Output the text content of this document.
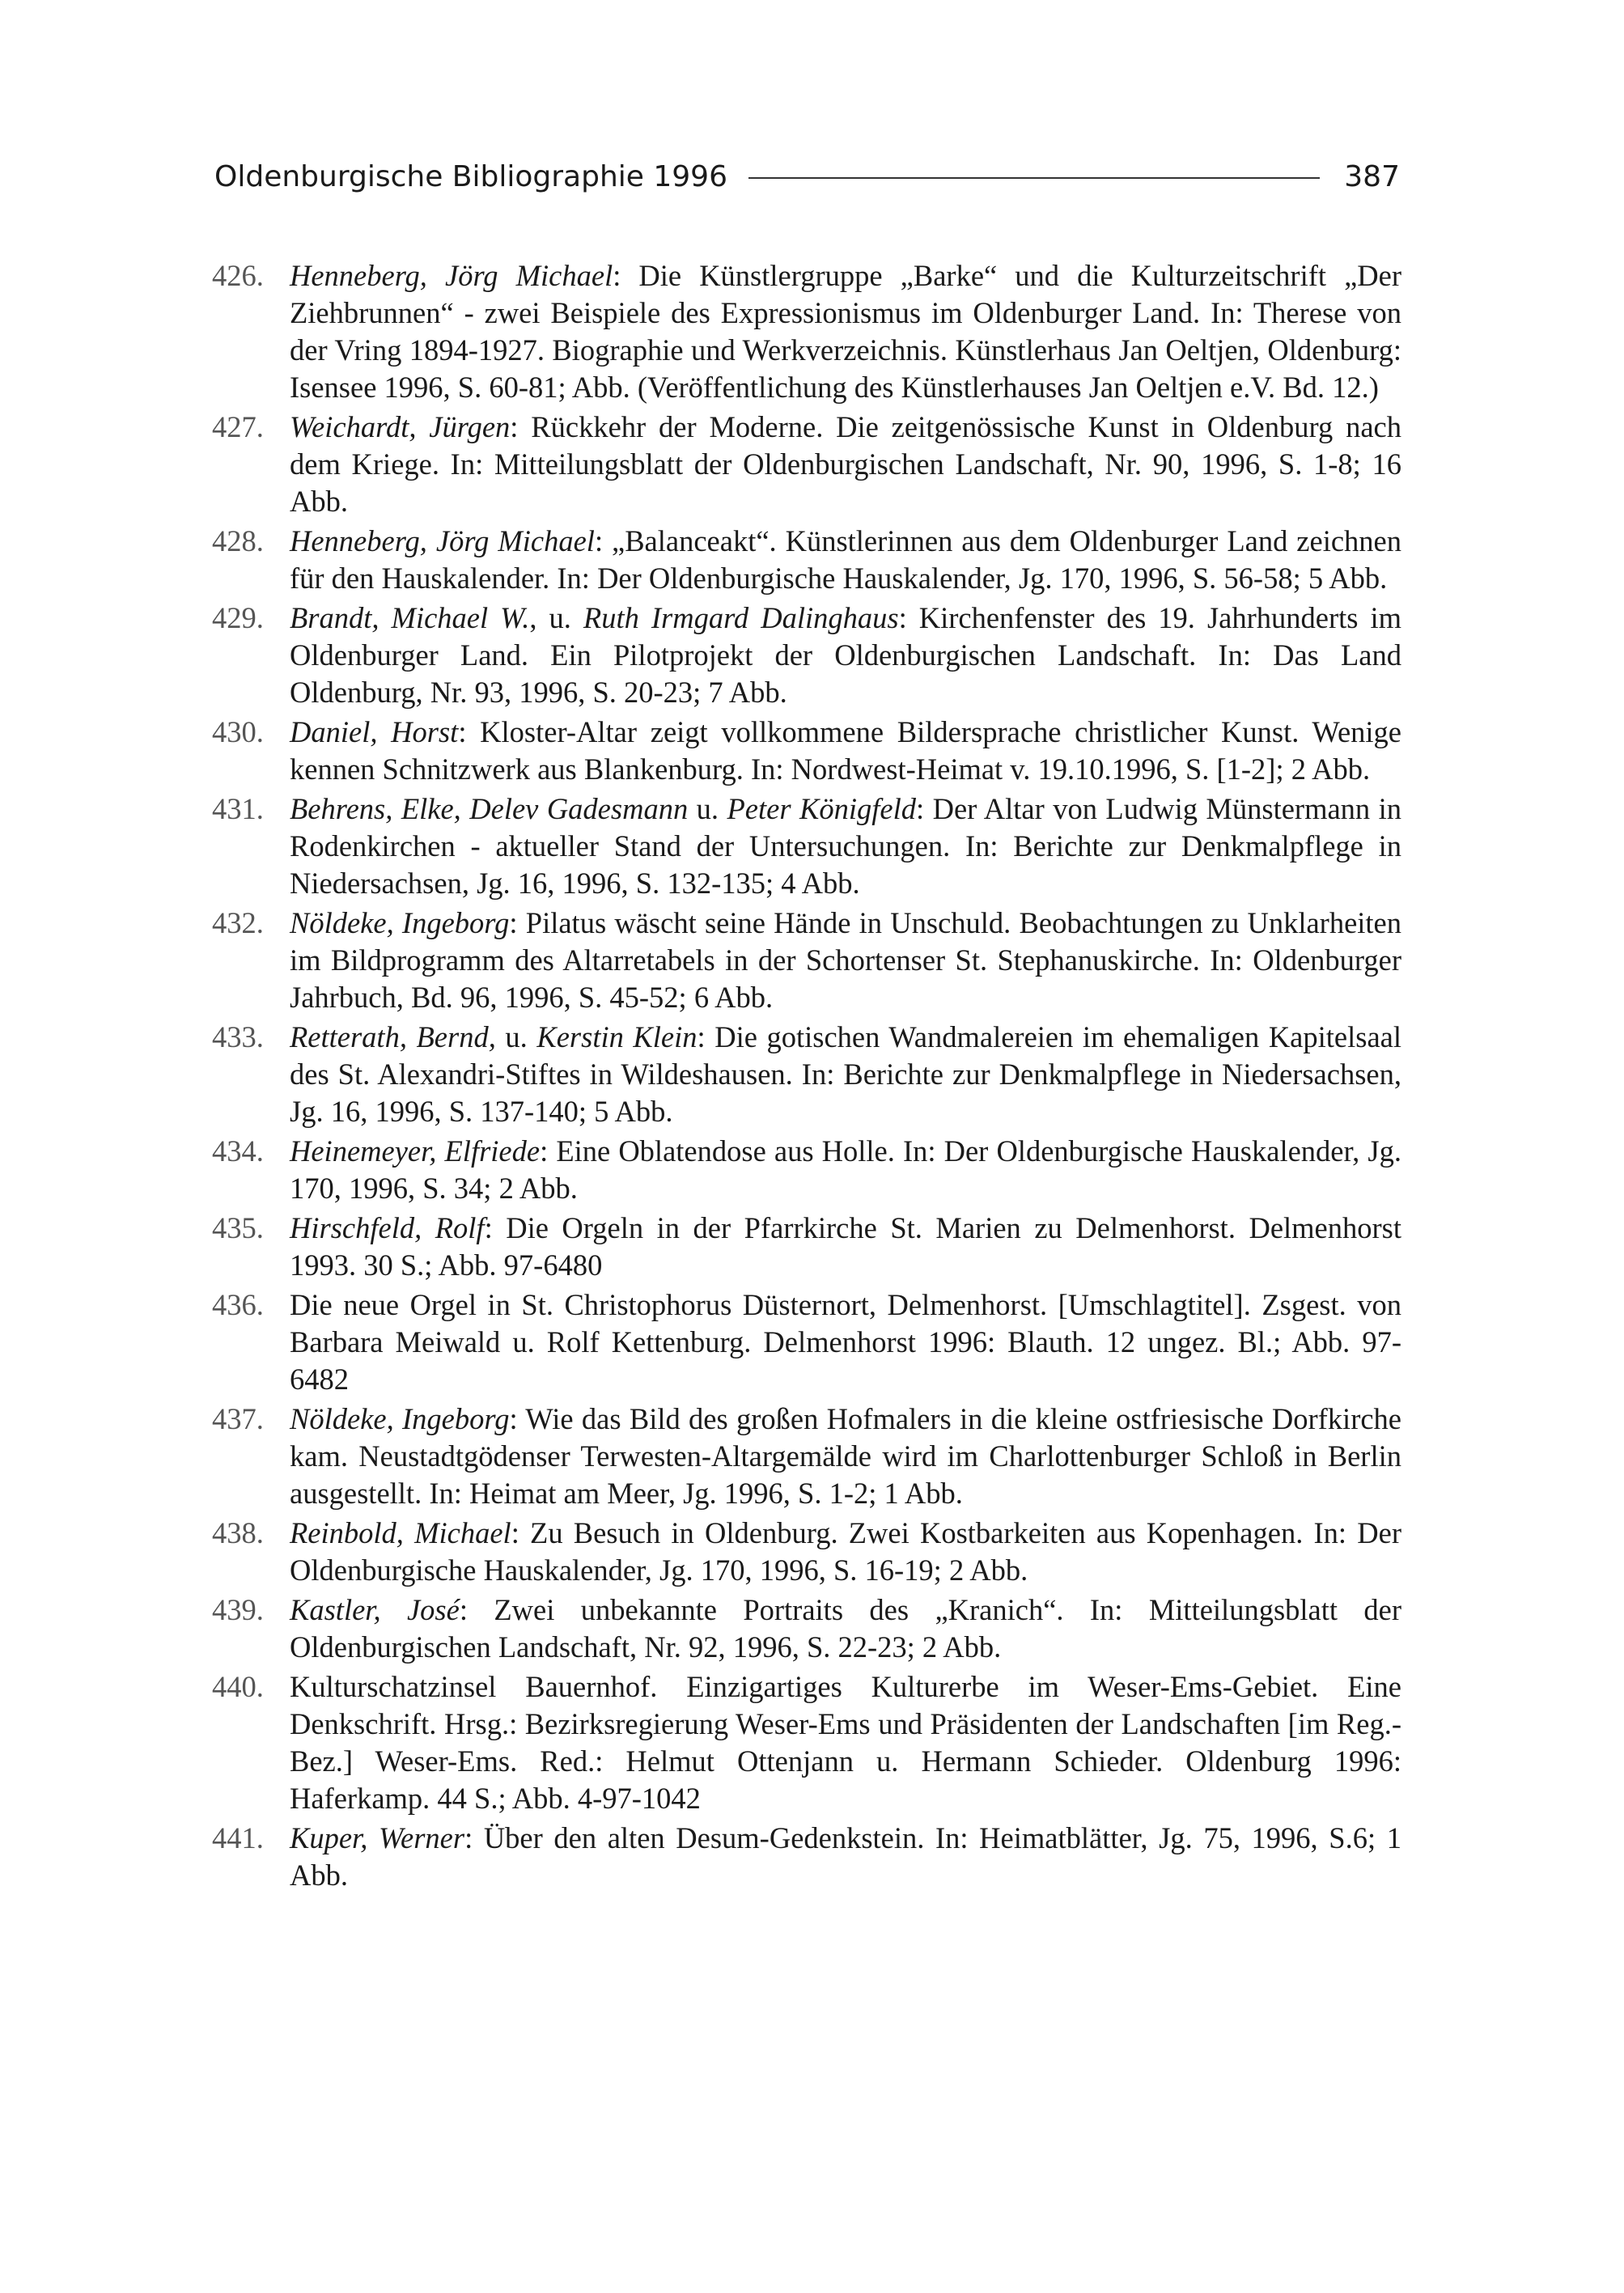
Oldenburgische Bibliographie 1996	387
426. Henneberg, Jörg Michael: Die Künstlergruppe „Barke“ und die Kulturzeitschrift „Der Ziehbrunnen“ - zwei Beispiele des Expressionismus im Oldenburger Land. In: Therese von der Vring 1894-1927. Biographie und Werkverzeichnis. Künstlerhaus Jan Oeltjen, Oldenburg: Isensee 1996, S. 60-81; Abb. (Veröffentlichung des Künstlerhauses Jan Oeltjen e.V. Bd. 12.)
427. Weichardt, Jürgen: Rückkehr der Moderne. Die zeitgenössische Kunst in Oldenburg nach dem Kriege. In: Mitteilungsblatt der Oldenburgischen Landschaft, Nr. 90, 1996, S. 1-8; 16 Abb.
428. Henneberg, Jörg Michael: „Balanceakt“. Künstlerinnen aus dem Oldenburger Land zeichnen für den Hauskalender. In: Der Oldenburgische Hauskalender, Jg. 170, 1996, S. 56-58; 5 Abb.
429. Brandt, Michael W., u. Ruth Irmgard Dalinghaus: Kirchenfenster des 19. Jahrhunderts im Oldenburger Land. Ein Pilotprojekt der Oldenburgischen Landschaft. In: Das Land Oldenburg, Nr. 93, 1996, S. 20-23; 7 Abb.
430. Daniel, Horst: Kloster-Altar zeigt vollkommene Bildersprache christlicher Kunst. Wenige kennen Schnitzwerk aus Blankenburg. In: Nordwest-Heimat v. 19.10.1996, S. [1-2]; 2 Abb.
431. Behrens, Elke, Delev Gadesmann u. Peter Königfeld: Der Altar von Ludwig Münstermann in Rodenkirchen - aktueller Stand der Untersuchungen. In: Berichte zur Denkmalpflege in Niedersachsen, Jg. 16, 1996, S. 132-135; 4 Abb.
432. Nöldeke, Ingeborg: Pilatus wäscht seine Hände in Unschuld. Beobachtungen zu Unklarheiten im Bildprogramm des Altarretabels in der Schortenser St. Stephanuskirche. In: Oldenburger Jahrbuch, Bd. 96, 1996, S. 45-52; 6 Abb.
433. Retterath, Bernd, u. Kerstin Klein: Die gotischen Wandmalereien im ehemaligen Kapitelsaal des St. Alexandri-Stiftes in Wildeshausen. In: Berichte zur Denkmalpflege in Niedersachsen, Jg. 16, 1996, S. 137-140; 5 Abb.
434. Heinemeyer, Elfriede: Eine Oblatendose aus Holle. In: Der Oldenburgische Hauskalender, Jg. 170, 1996, S. 34; 2 Abb.
435. Hirschfeld, Rolf: Die Orgeln in der Pfarrkirche St. Marien zu Delmenhorst. Delmenhorst 1993. 30 S.; Abb. 97-6480
436. Die neue Orgel in St. Christophorus Düsternort, Delmenhorst. [Umschlagtitel]. Zsgest. von Barbara Meiwald u. Rolf Kettenburg. Delmenhorst 1996: Blauth. 12 ungez. Bl.; Abb. 97-6482
437. Nöldeke, Ingeborg: Wie das Bild des großen Hofmalers in die kleine ostfriesische Dorfkirche kam. Neustadtgödenser Terwesten-Altargemälde wird im Charlottenburger Schloß in Berlin ausgestellt. In: Heimat am Meer, Jg. 1996, S. 1-2; 1 Abb.
438. Reinbold, Michael: Zu Besuch in Oldenburg. Zwei Kostbarkeiten aus Kopenhagen. In: Der Oldenburgische Hauskalender, Jg. 170, 1996, S. 16-19; 2 Abb.
439. Kastler, José: Zwei unbekannte Portraits des „Kranich“. In: Mitteilungsblatt der Oldenburgischen Landschaft, Nr. 92, 1996, S. 22-23; 2 Abb.
440. Kulturschatzinsel Bauernhof. Einzigartiges Kulturerbe im Weser-Ems-Gebiet. Eine Denkschrift. Hrsg.: Bezirksregierung Weser-Ems und Präsidenten der Landschaften [im Reg.-Bez.] Weser-Ems. Red.: Helmut Ottenjann u. Hermann Schieder. Oldenburg 1996: Haferkamp. 44 S.; Abb. 4-97-1042
441. Kuper, Werner: Über den alten Desum-Gedenkstein. In: Heimatblätter, Jg. 75, 1996, S.6; 1 Abb.
